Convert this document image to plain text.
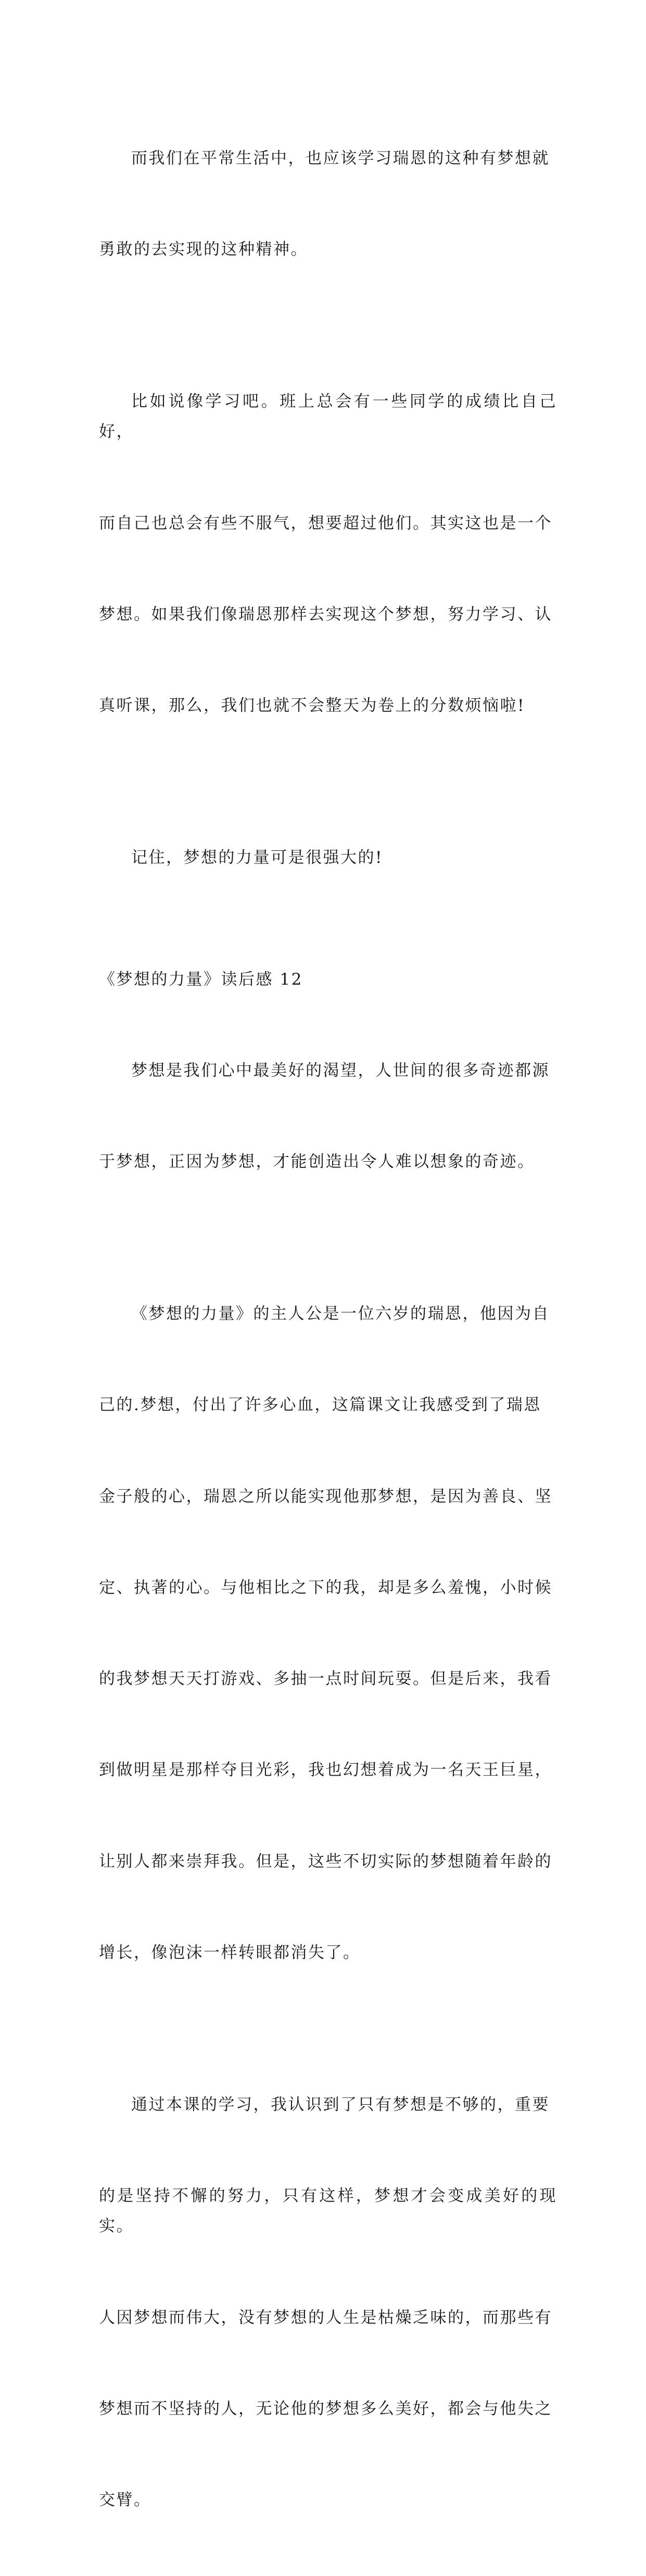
而我们在平常生活中，也应该学习瑞恩的这种有梦想就

勇敢的去实现的这种精神。

比如说像学习吧。班上总会有一些同学的成绩比自己好，

而自己也总会有些不服气，想要超过他们。其实这也是一个

梦想。如果我们像瑞恩那样去实现这个梦想，努力学习、认

真听课，那么，我们也就不会整天为卷上的分数烦恼啦!

记住，梦想的力量可是很强大的!

《梦想的力量》读后感 12

梦想是我们心中最美好的渴望，人世间的很多奇迹都源

于梦想，正因为梦想，才能创造出令人难以想象的奇迹。

《梦想的力量》的主人公是一位六岁的瑞恩，他因为自

己的.梦想，付出了许多心血，这篇课文让我感受到了瑞恩

金子般的心，瑞恩之所以能实现他那梦想，是因为善良、坚

定、执著的心。与他相比之下的我，却是多么羞愧，小时候

的我梦想天天打游戏、多抽一点时间玩耍。但是后来，我看

到做明星是那样夺目光彩，我也幻想着成为一名天王巨星，

让别人都来崇拜我。但是，这些不切实际的梦想随着年龄的

增长，像泡沫一样转眼都消失了。

通过本课的学习，我认识到了只有梦想是不够的，重要

的是坚持不懈的努力，只有这样，梦想才会变成美好的现实。

人因梦想而伟大，没有梦想的人生是枯燥乏味的，而那些有

梦想而不坚持的人，无论他的梦想多么美好，都会与他失之

交臂。
